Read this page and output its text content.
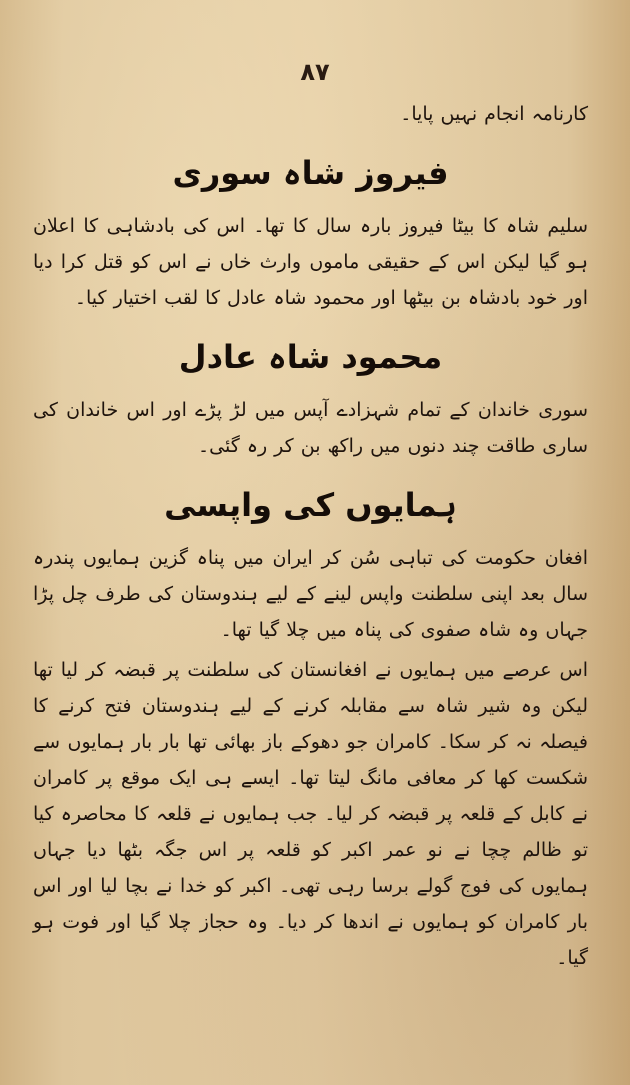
۸۷

کارنامہ انجام نہیں پایا۔

فیروز شاہ سوری

سلیم شاہ کا بیٹا فیروز بارہ سال کا تھا۔ اس کی بادشاہی کا اعلان ہو گیا لیکن اس کے حقیقی ماموں وارث خاں نے اس کو قتل کرا دیا اور خود بادشاہ بن بیٹھا اور محمود شاہ عادل کا لقب اختیار کیا۔

محمود شاہ عادل

سوری خاندان کے تمام شہزادے آپس میں لڑ پڑے اور اس خاندان کی ساری طاقت چند دنوں میں راکھ بن کر رہ گئی۔

ہمایوں کی واپسی

افغان حکومت کی تباہی سُن کر ایران میں پناہ گزین ہمایوں پندرہ سال بعد اپنی سلطنت واپس لینے کے لیے ہندوستان کی طرف چل پڑا جہاں وہ شاہ صفوی کی پناہ میں چلا گیا تھا۔

اس عرصے میں ہمایوں نے افغانستان کی سلطنت پر قبضہ کر لیا تھا لیکن وہ شیر شاہ سے مقابلہ کرنے کے لیے ہندوستان فتح کرنے کا فیصلہ نہ کر سکا۔ کامران جو دھوکے باز بھائی تھا بار بار ہمایوں سے شکست کھا کر معافی مانگ لیتا تھا۔ ایسے ہی ایک موقع پر کامران نے کابل کے قلعہ پر قبضہ کر لیا۔ جب ہمایوں نے قلعہ کا محاصرہ کیا تو ظالم چچا نے نو عمر اکبر کو قلعہ پر اس جگہ بٹھا دیا جہاں ہمایوں کی فوج گولے برسا رہی تھی۔ اکبر کو خدا نے بچا لیا اور اس بار کامران کو ہمایوں نے اندھا کر دیا۔ وہ حجاز چلا گیا اور فوت ہو گیا۔
